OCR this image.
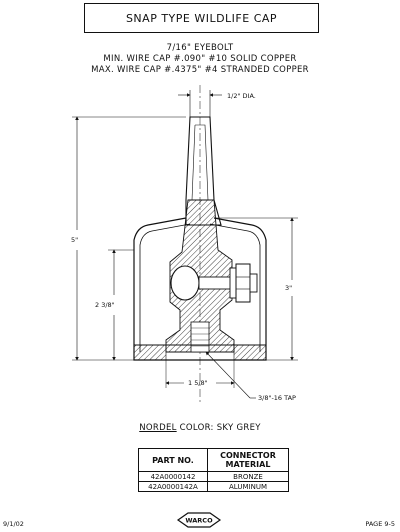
SNAP TYPE WILDLIFE CAP
7/16" EYEBOLT
MIN. WIRE CAP #.090" #10 SOLID COPPER
MAX. WIRE CAP #.4375" #4 STRANDED COPPER
1/2" DIA.
5"
2 3/8"
3"
1 5/8"
3/8"-16 TAP
NORDEL COLOR: SKY GREY
PART NO.	CONNECTOR MATERIAL
42A0000142	BRONZE
42A0000142A	ALUMINUM
9/1/02	WARCO	PAGE 9-5
